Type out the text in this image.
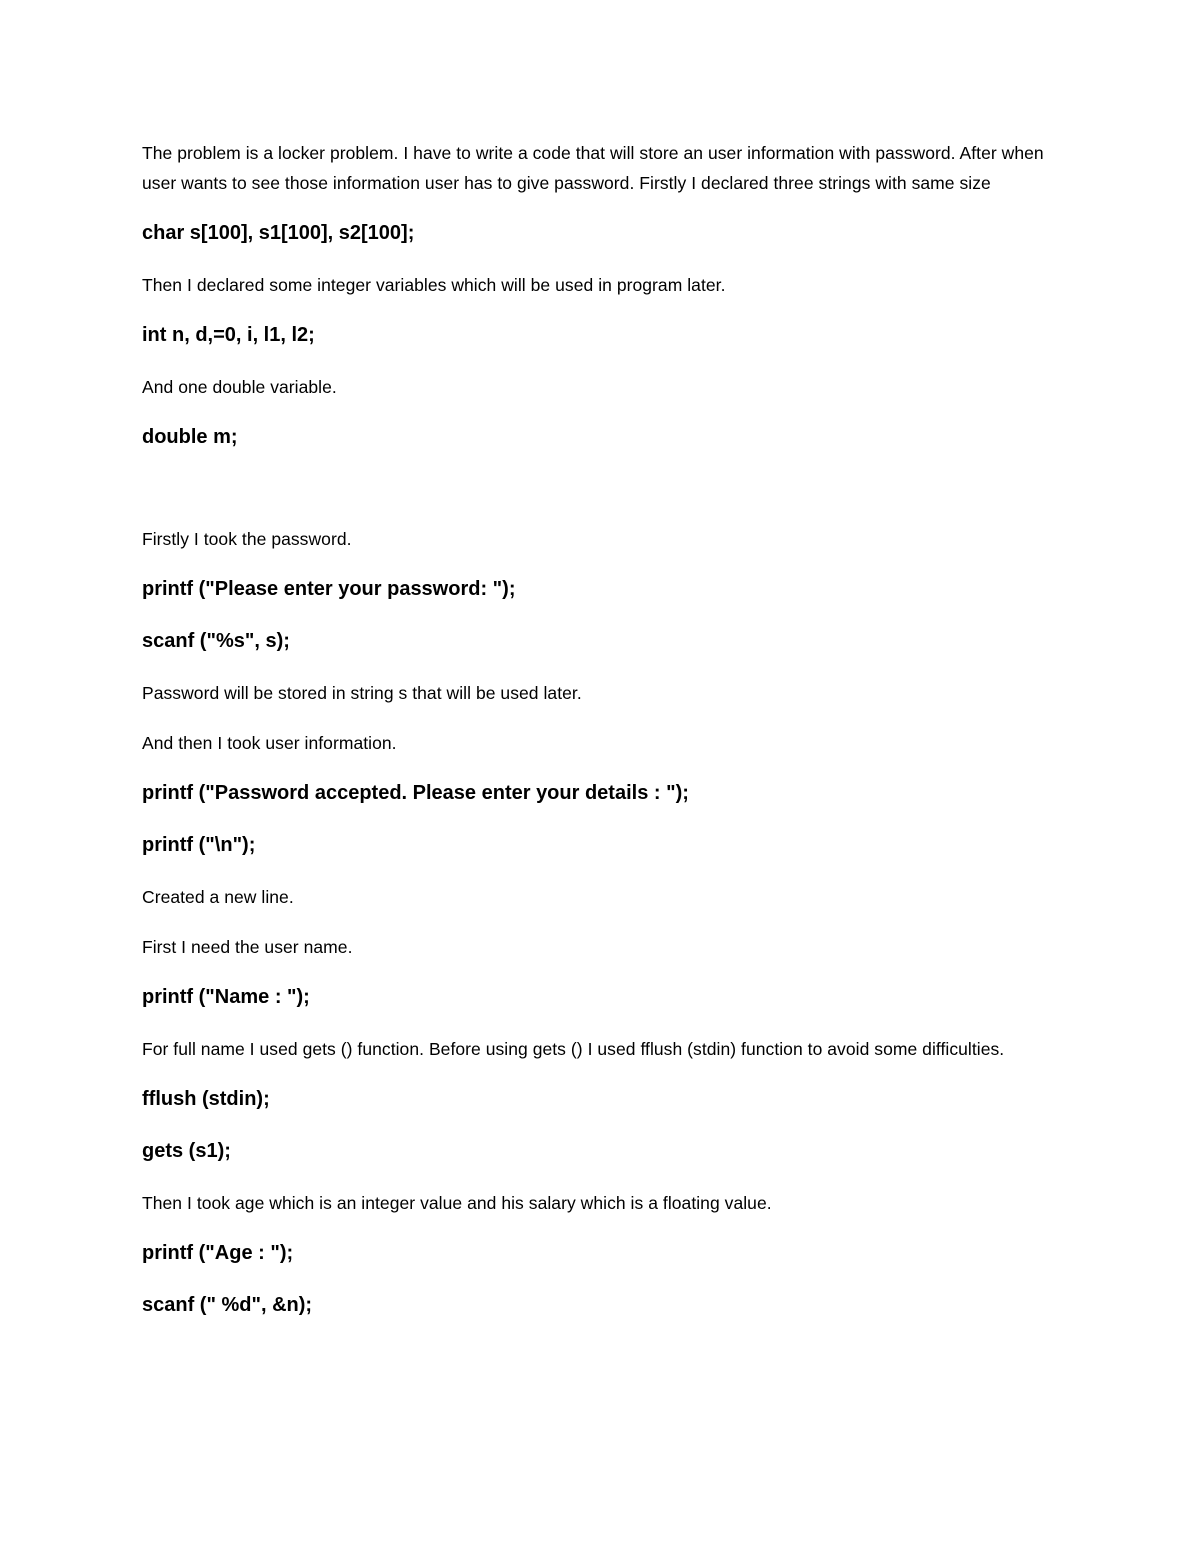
The problem is a locker problem. I have to write a code that will store an user information with password. After when user wants to see those information user has to give password. Firstly I declared three strings with same size

char s[100], s1[100], s2[100];

Then I declared some integer variables which will be used in program later.

int n, d,=0, i, l1, l2;

And one double variable.

double m;

Firstly I took the password.

printf ("Please enter your password: ");

scanf ("%s", s);

Password will be stored in string s that will be used later.

And then I took user information.

printf ("Password accepted. Please enter your details : ");

printf ("\n");

Created a new line.

First I need the user name.

printf ("Name : ");

For full name I used gets () function. Before using gets () I used fflush (stdin) function to avoid some difficulties.

fflush (stdin);

gets (s1);

Then I took age which is an integer value and his salary which is a floating value.

printf ("Age : ");

scanf (" %d", &n);
